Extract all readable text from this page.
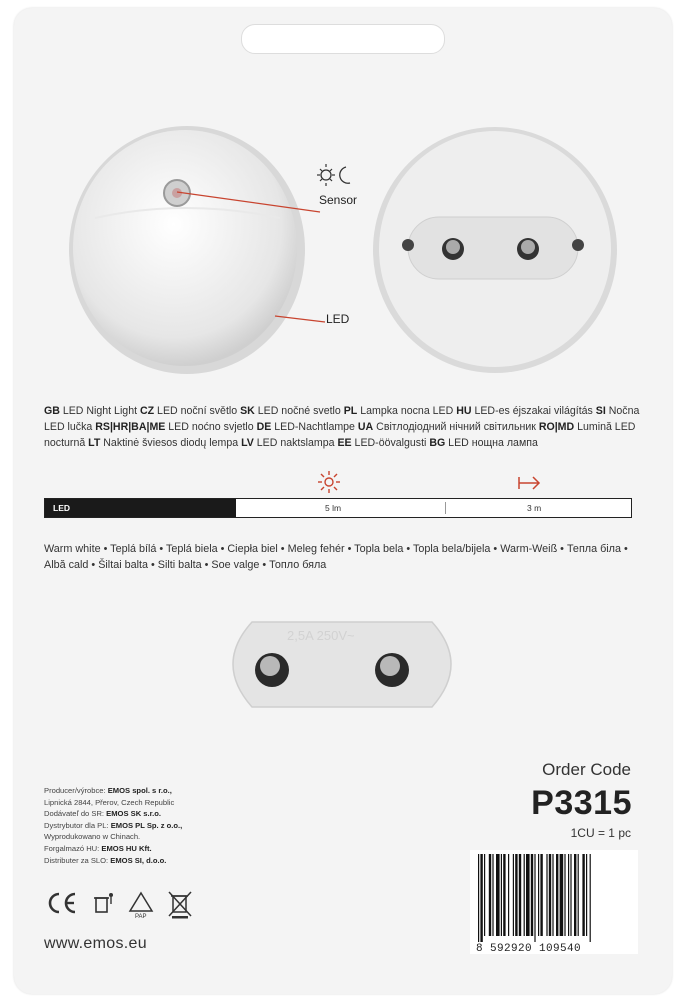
Sensor
LED
GB LED Night Light CZ LED noční světlo SK LED nočné svetlo PL Lampka nocna LED HU LED-es éjszakai világítás SI Nočna LED lučka RS|HR|BA|ME LED noćno svjetlo DE LED-Nachtlampe UA Світлодіодний нічний світильник RO|MD Lumină LED nocturnă LT Naktinė šviesos diodų lempa LV LED naktslampa EE LED-öövalgusti BG LED нощна лампа
LED	5 lm	3 m
Warm white • Teplá bílá • Teplá biela • Ciepła biel • Meleg fehér • Topla bela • Topla bela/bijela • Warm-Weiß • Тепла біла • Albă cald • Šiltai balta • Silti balta • Soe valge • Топло бяла
2,5A 250V~
Order Code
P3315
1CU = 1 pc
Producer/výrobce: EMOS spol. s r.o.,
Lipnická 2844, Přerov, Czech Republic
Dodávateľ do SR: EMOS SK s.r.o.
Dystrybutor dla PL: EMOS PL Sp. z o.o.,
Wyprodukowano w Chinach.
Forgalmazó HU: EMOS HU Kft.
Distributer za SLO: EMOS SI, d.o.o.
PAP
www.emos.eu	8 592920 109540
